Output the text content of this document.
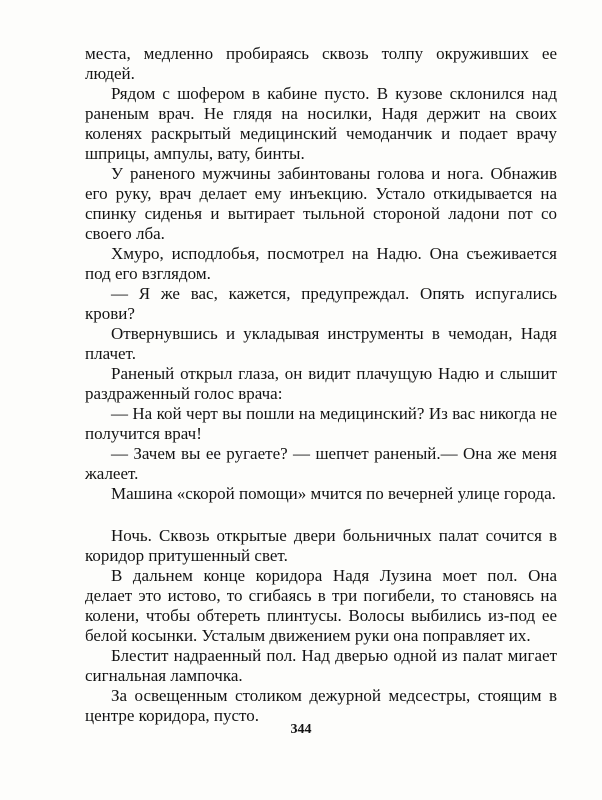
места, медленно пробираясь сквозь толпу окруживших ее людей.

Рядом с шофером в кабине пусто. В кузове склонился над раненым врач. Не глядя на носилки, Надя держит на своих коленях раскрытый медицинский чемоданчик и подает врачу шприцы, ампулы, вату, бинты.

У раненого мужчины забинтованы голова и нога. Обнажив его руку, врач делает ему инъекцию. Устало откидывается на спинку сиденья и вытирает тыльной стороной ладони пот со своего лба.

Хмуро, исподлобья, посмотрел на Надю. Она съеживается под его взглядом.

— Я же вас, кажется, предупреждал. Опять испугались крови?

Отвернувшись и укладывая инструменты в чемодан, Надя плачет.

Раненый открыл глаза, он видит плачущую Надю и слышит раздраженный голос врача:

— На кой черт вы пошли на медицинский? Из вас никогда не получится врач!

— Зачем вы ее ругаете? — шепчет раненый.— Она же меня жалеет.

Машина «скорой помощи» мчится по вечерней улице города.

Ночь. Сквозь открытые двери больничных палат сочится в коридор притушенный свет.

В дальнем конце коридора Надя Лузина моет пол. Она делает это истово, то сгибаясь в три погибели, то становясь на колени, чтобы обтереть плинтусы. Волосы выбились из-под ее белой косынки. Усталым движением руки она поправляет их.

Блестит надраенный пол. Над дверью одной из палат мигает сигнальная лампочка.

За освещенным столиком дежурной медсестры, стоящим в центре коридора, пусто.

344
